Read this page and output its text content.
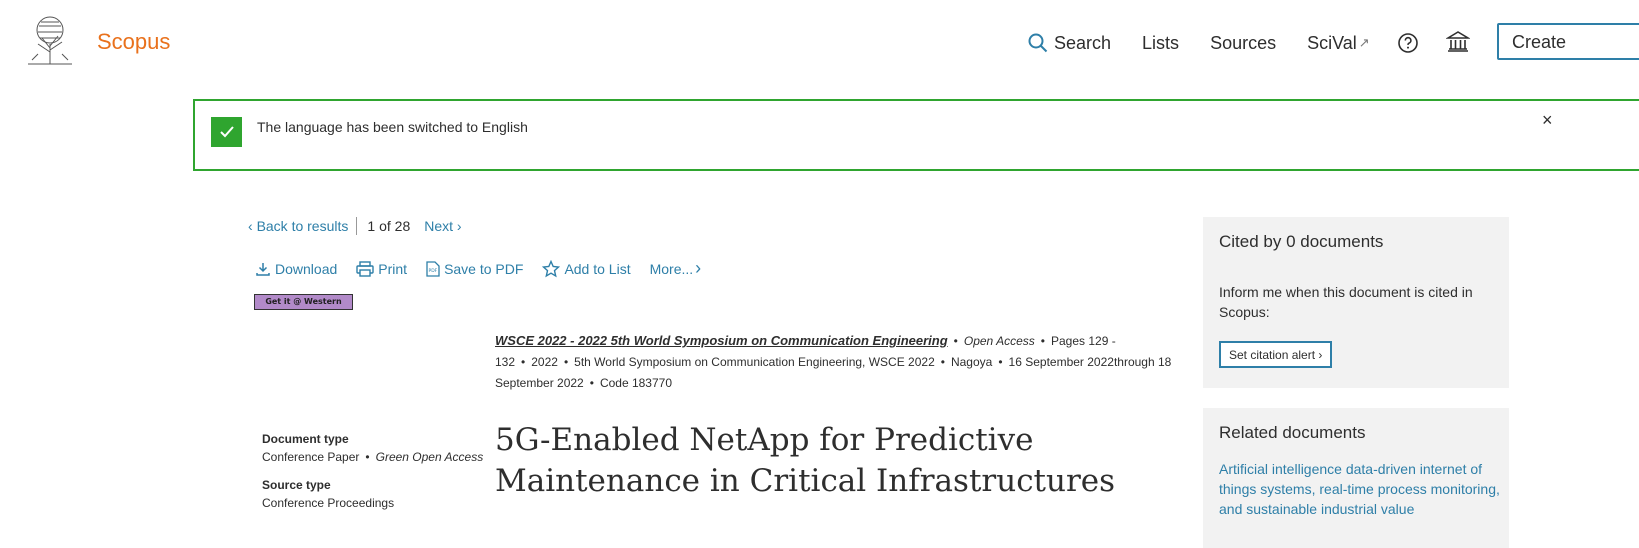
Scopus	Search Lists Sources SciVal ↗	Create
The language has been switched to English	×
‹ Back to results 1 of 28 Next ›
Download	Print	PDF Save to PDF	Add to List More... ›
Get it @ Western
WSCE 2022 - 2022 5th World Symposium on Communication Engineering • Open Access • Pages 129 - 132 • 2022 • 5th World Symposium on Communication Engineering, WSCE 2022 • Nagoya • 16 September 2022through 18 September 2022 • Code 183770
Document type
Conference Paper • Green Open Access
Source type
Conference Proceedings
5G-Enabled NetApp for Predictive Maintenance in Critical Infrastructures
Cited by 0 documents
Inform me when this document is cited in Scopus:
Set citation alert ›
Related documents
Artificial intelligence data-driven internet of things systems, real-time process monitoring, and sustainable industrial value
